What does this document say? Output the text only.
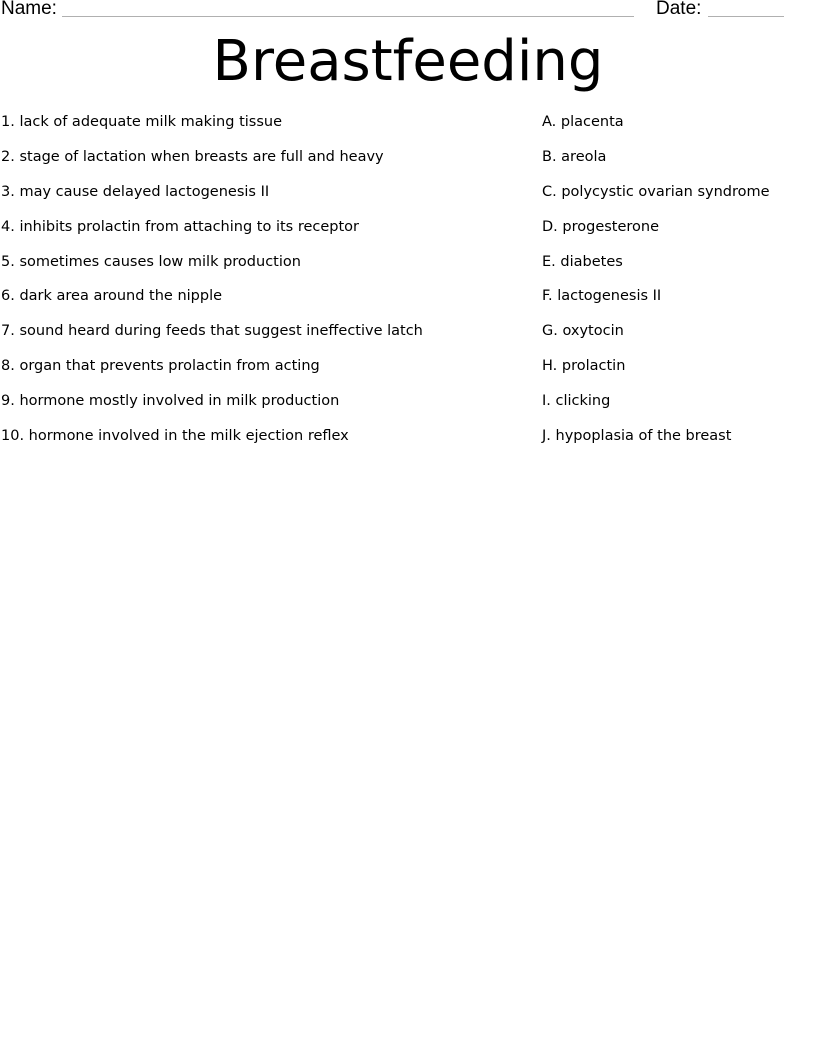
Name:	Date:
Breastfeeding
1. lack of adequate milk making tissue
2. stage of lactation when breasts are full and heavy
3. may cause delayed lactogenesis II
4. inhibits prolactin from attaching to its receptor
5. sometimes causes low milk production
6. dark area around the nipple
7. sound heard during feeds that suggest ineffective latch
8. organ that prevents prolactin from acting
9. hormone mostly involved in milk production
10. hormone involved in the milk ejection reflex
A. placenta
B. areola
C. polycystic ovarian syndrome
D. progesterone
E. diabetes
F. lactogenesis II
G. oxytocin
H. prolactin
I. clicking
J. hypoplasia of the breast
